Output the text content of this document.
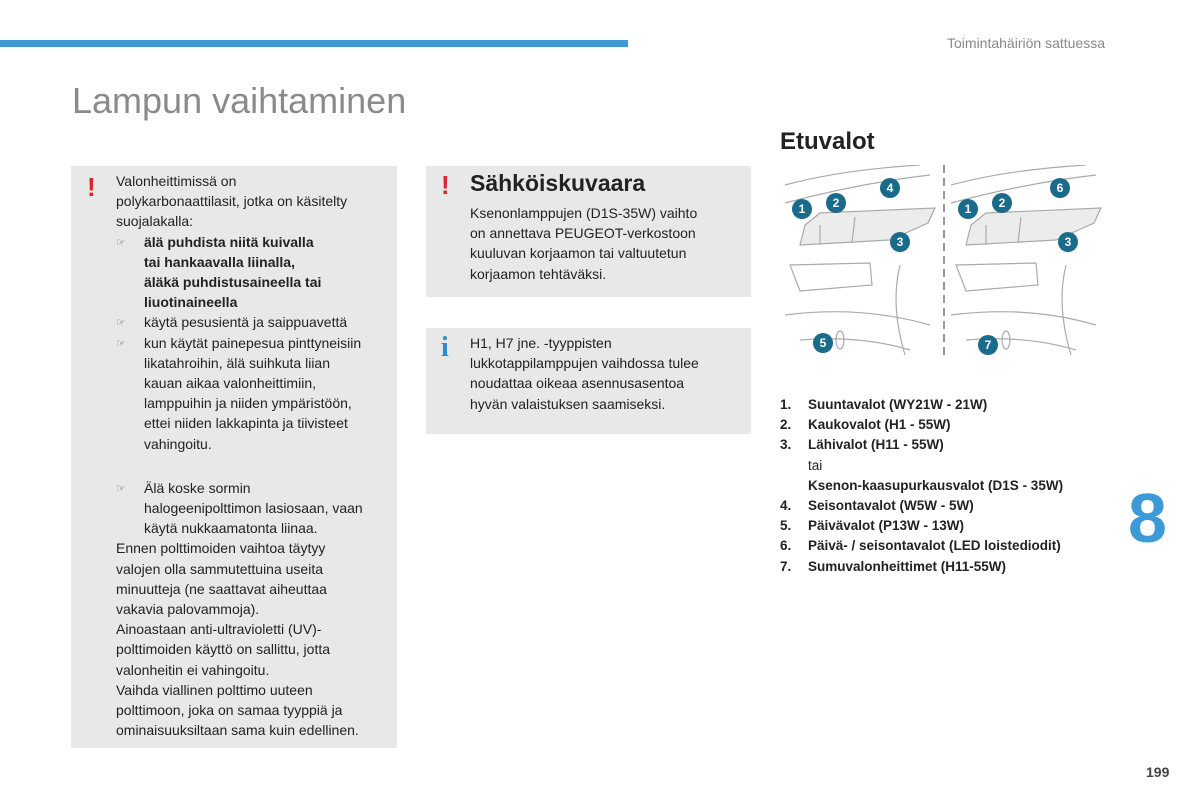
Toimintahäiriön sattuessa
Lampun vaihtaminen
! Valonheittimissä on
polykarbonaattilasit, jotka on käsitelty
suojalakalla:
☞ älä puhdista niitä kuivalla
tai hankaavalla liinalla,
äläkä puhdistusaineella tai
liuotinaineella
☞ käytä pesusientä ja saippuavettä
☞ kun käytät painepesua pinttyneisiin
likatahroihin, älä suihkuta liian
kauan aikaa valonheittimiin,
lamppuihin ja niiden ympäristöön,
ettei niiden lakkapinta ja tiivisteet
vahingoitu.
☞ Älä koske sormin
halogeenipolttimon lasiosaan, vaan
käytä nukkaamatonta liinaa.
Ennen polttimoiden vaihtoa täytyy
valojen olla sammutettuina useita
minuutteja (ne saattavat aiheuttaa
vakavia palovammoja).
Ainoastaan anti-ultravioletti (UV)-
polttimoiden käyttö on sallittu, jotta
valonheitin ei vahingoitu.
Vaihda viallinen polttimo uuteen
polttimoon, joka on samaa tyyppiä ja
ominaisuuksiltaan sama kuin edellinen.
! Sähköiskuvaara
Ksenonlamppujen (D1S-35W) vaihto
on annettava PEUGEOT-verkostoon
kuuluvan korjaamon tai valtuutetun
korjaamon tehtäväksi.
i H1, H7 jne. -tyyppisten
lukkotappilamppujen vaihdossa tulee
noudattaa oikeaa asennusasentoa
hyvän valaistuksen saamiseksi.
Etuvalot
1	2
3
4
5
1	2
3
6
7
1.	Suuntavalot (WY21W - 21W)
2.	Kaukovalot (H1 - 55W)
3.	Lähivalot (H11 - 55W)
tai
Ksenon-kaasupurkausvalot (D1S - 35W)
4.	Seisontavalot (W5W - 5W)
5.	Päivävalot (P13W - 13W)
6.	Päivä- / seisontavalot (LED loistediodit)
7.	Sumuvalonheittimet (H11-55W)
8
199
